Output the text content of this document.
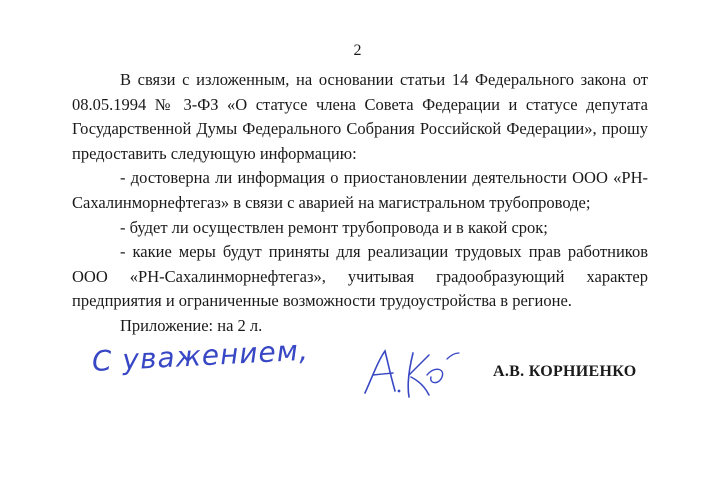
2

В связи с изложенным, на основании статьи 14 Федерального закона от 08.05.1994 № 3-ФЗ «О статусе члена Совета Федерации и статусе депутата Государственной Думы Федерального Собрания Российской Федерации», прошу предоставить следующую информацию:

- достоверна ли информация о приостановлении деятельности ООО «РН-Сахалинморнефтегаз» в связи с аварией на магистральном трубопроводе;

- будет ли осуществлен ремонт трубопровода и в какой срок;

- какие меры будут приняты для реализации трудовых прав работников ООО «РН-Сахалинморнефтегаз», учитывая градообразующий характер предприятия и ограниченные возможности трудоустройства в регионе.

Приложение: на 2 л.

С уважением,	А.В. КОРНИЕНКО
